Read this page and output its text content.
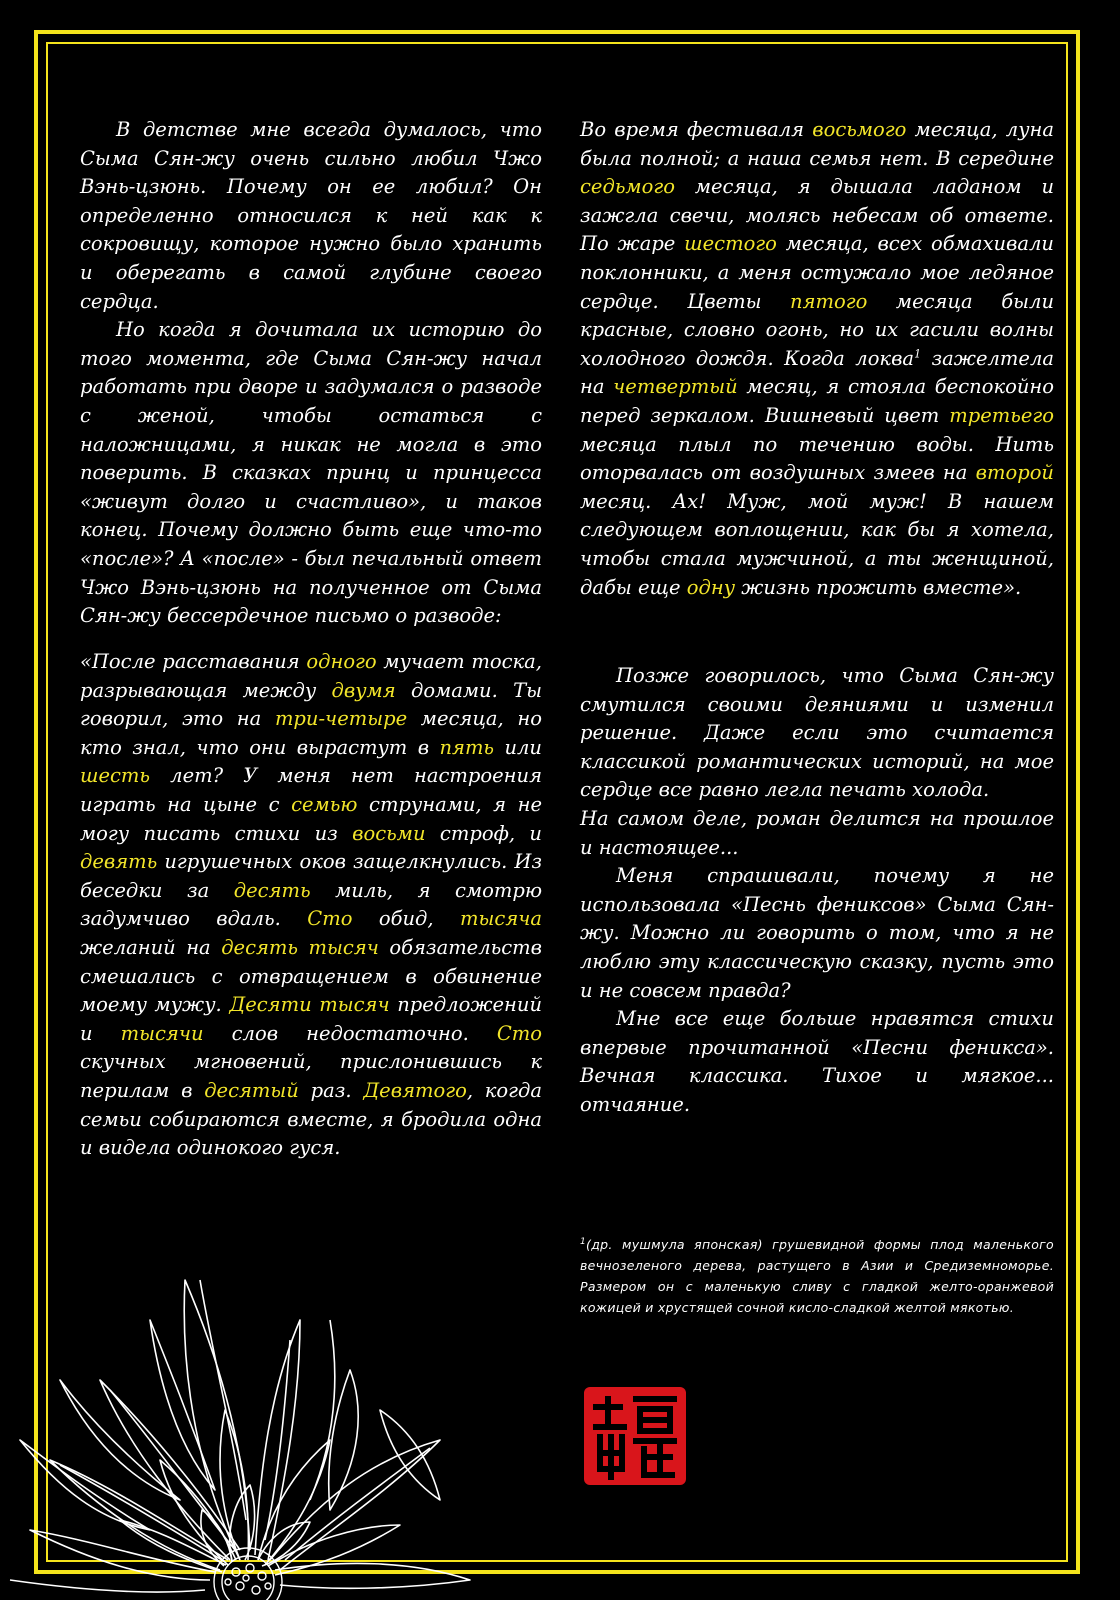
В детстве мне всегда думалось, что Сыма Сян-жу очень сильно любил Чжо Вэнь-цзюнь. Почему он ее любил? Он определенно относился к ней как к сокровищу, которое нужно было хранить и оберегать в самой глубине своего сердца.

Но когда я дочитала их историю до того момента, где Сыма Сян-жу начал работать при дворе и задумался о разводе с женой, чтобы остаться с наложницами, я никак не могла в это поверить. В сказках принц и принцесса «живут долго и счастливо», и таков конец. Почему должно быть еще что-то «после»? А «после» - был печальный ответ Чжо Вэнь-цзюнь на полученное от Сыма Сян-жу бессердечное письмо о разводе:

«После расставания одного мучает тоска, разрывающая между двумя домами. Ты говорил, это на три-четыре месяца, но кто знал, что они вырастут в пять или шесть лет? У меня нет настроения играть на цыне с семью струнами, я не могу писать стихи из восьми строф, и девять игрушечных оков защелкнулись. Из беседки за десять миль, я смотрю задумчиво вдаль. Сто обид, тысяча желаний на десять тысяч обязательств смешались с отвращением в обвинение моему мужу. Десяти тысяч предложений и тысячи слов недостаточно. Сто скучных мгновений, прислонившись к перилам в десятый раз. Девятого, когда семьи собираются вместе, я бродила одна и видела одинокого гуся.

Во время фестиваля восьмого месяца, луна была полной; а наша семья нет. В середине седьмого месяца, я дышала ладаном и зажгла свечи, молясь небесам об ответе. По жаре шестого месяца, всех обмахивали поклонники, а меня остужало мое ледяное сердце. Цветы пятого месяца были красные, словно огонь, но их гасили волны холодного дождя. Когда локва$^1$ зажелтела на четвертый месяц, я стояла беспокойно перед зеркалом. Вишневый цвет третьего месяца плыл по течению воды. Нить оторвалась от воздушных змеев на второй месяц. Ах! Муж, мой муж! В нашем следующем воплощении, как бы я хотела, чтобы стала мужчиной, а ты женщиной, дабы еще одну жизнь прожить вместе».

Позже говорилось, что Сыма Сян-жу смутился своими деяниями и изменил решение. Даже если это считается классикой романтических историй, на мое сердце все равно легла печать холода.

На самом деле, роман делится на прошлое и настоящее...

Меня спрашивали, почему я не использовала «Песнь фениксов» Сыма Сян-жу. Можно ли говорить о том, что я не люблю эту классическую сказку, пусть это и не совсем правда?

Мне все еще больше нравятся стихи впервые прочитанной «Песни феникса». Вечная классика. Тихое и мягкое... отчаяние.

$^1$(др. мушмула японская) грушевидной формы плод маленького вечнозеленого дерева, растущего в Азии и Средиземноморье. Размером он с маленькую сливу с гладкой желто-оранжевой кожицей и хрустящей сочной кисло-сладкой желтой мякотью.
